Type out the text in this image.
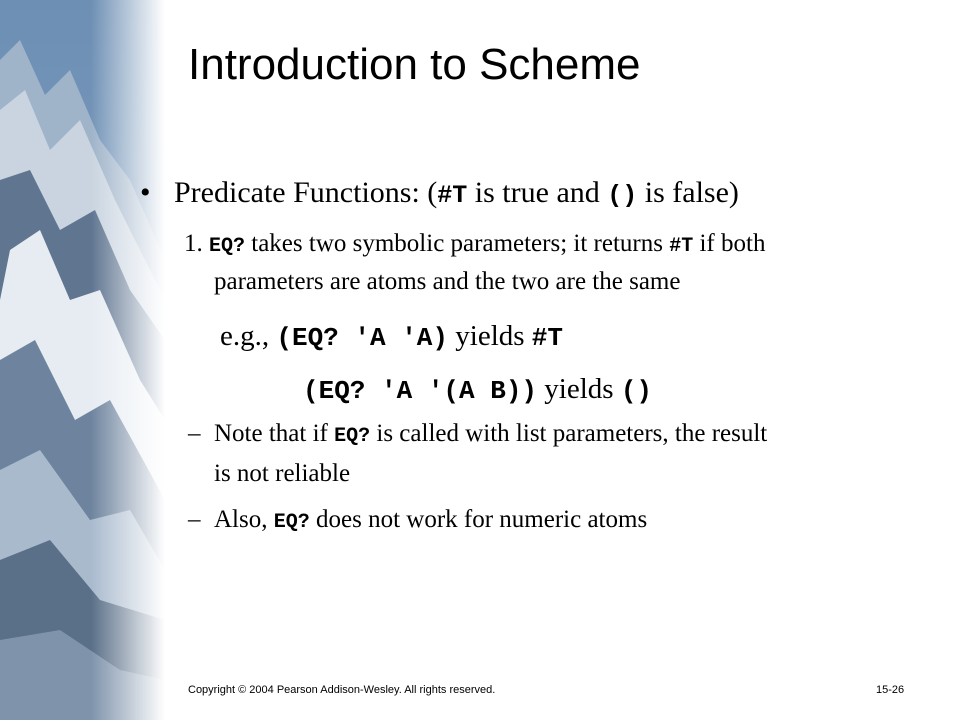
Introduction to Scheme
• Predicate Functions: (#T is true and () is false)
1. EQ? takes two symbolic parameters; it returns #T if both
parameters are atoms and the two are the same
e.g., (EQ? 'A 'A) yields #T
(EQ? 'A '(A B)) yields ()
– Note that if EQ? is called with list parameters, the result
is not reliable
– Also, EQ? does not work for numeric atoms
Copyright © 2004 Pearson Addison-Wesley. All rights reserved.	15-26
